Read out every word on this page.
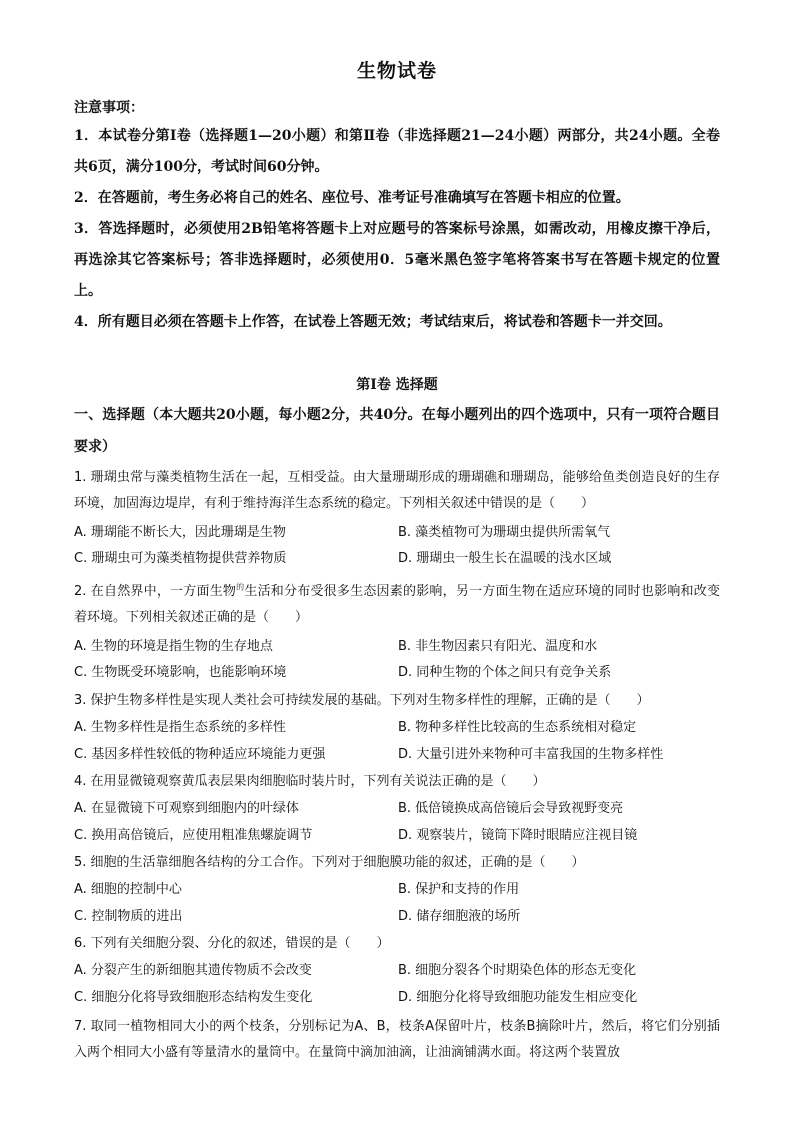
生物试卷
注意事项：
1．本试卷分第Ⅰ卷（选择题1—20小题）和第Ⅱ卷（非选择题21—24小题）两部分，共24小题。全卷共6页，满分100分，考试时间60分钟。
2．在答题前，考生务必将自己的姓名、座位号、准考证号准确填写在答题卡相应的位置。
3．答选择题时，必须使用2B铅笔将答题卡上对应题号的答案标号涂黑，如需改动，用橡皮擦干净后，再选涂其它答案标号；答非选择题时，必须使用0．5毫米黑色签字笔将答案书写在答题卡规定的位置上。
4．所有题目必须在答题卡上作答，在试卷上答题无效；考试结束后，将试卷和答题卡一并交回。
第Ⅰ卷 选择题
一、选择题（本大题共20小题，每小题2分，共40分。在每小题列出的四个选项中，只有一项符合题目要求）
1. 珊瑚虫常与藻类植物生活在一起，互相受益。由大量珊瑚形成的珊瑚礁和珊瑚岛，能够给鱼类创造良好的生存环境，加固海边堤岸，有利于维持海洋生态系统的稳定。下列相关叙述中错误的是（　　）
A. 珊瑚能不断长大，因此珊瑚是生物	B. 藻类植物可为珊瑚虫提供所需氧气
C. 珊瑚虫可为藻类植物提供营养物质	D. 珊瑚虫一般生长在温暖的浅水区域
2. 在自然界中，一方面生物$^的$生活和分布受很多生态因素的影响，另一方面生物在适应环境的同时也影响和改变着环境。下列相关叙述正确的是（　　）
A. 生物的环境是指生物的生存地点	B. 非生物因素只有阳光、温度和水
C. 生物既受环境影响，也能影响环境	D. 同种生物的个体之间只有竞争关系
3. 保护生物多样性是实现人类社会可持续发展的基础。下列对生物多样性的理解，正确的是（　　）
A. 生物多样性是指生态系统的多样性	B. 物种多样性比较高的生态系统相对稳定
C. 基因多样性较低的物种适应环境能力更强	D. 大量引进外来物种可丰富我国的生物多样性
4. 在用显微镜观察黄瓜表层果肉细胞临时装片时，下列有关说法正确的是（　　）
A. 在显微镜下可观察到细胞内的叶绿体	B. 低倍镜换成高倍镜后会导致视野变亮
C. 换用高倍镜后，应使用粗准焦螺旋调节	D. 观察装片，镜筒下降时眼睛应注视目镜
5. 细胞的生活靠细胞各结构的分工合作。下列对于细胞膜功能的叙述，正确的是（　　）
A. 细胞的控制中心	B. 保护和支持的作用
C. 控制物质的进出	D. 储存细胞液的场所
6. 下列有关细胞分裂、分化的叙述，错误的是（　　）
A. 分裂产生的新细胞其遗传物质不会改变	B. 细胞分裂各个时期染色体的形态无变化
C. 细胞分化将导致细胞形态结构发生变化	D. 细胞分化将导致细胞功能发生相应变化
7. 取同一植物相同大小的两个枝条，分别标记为A、B，枝条A保留叶片，枝条B摘除叶片，然后，将它们分别插入两个相同大小盛有等量清水的量筒中。在量筒中滴加油滴，让油滴铺满水面。将这两个装置放
